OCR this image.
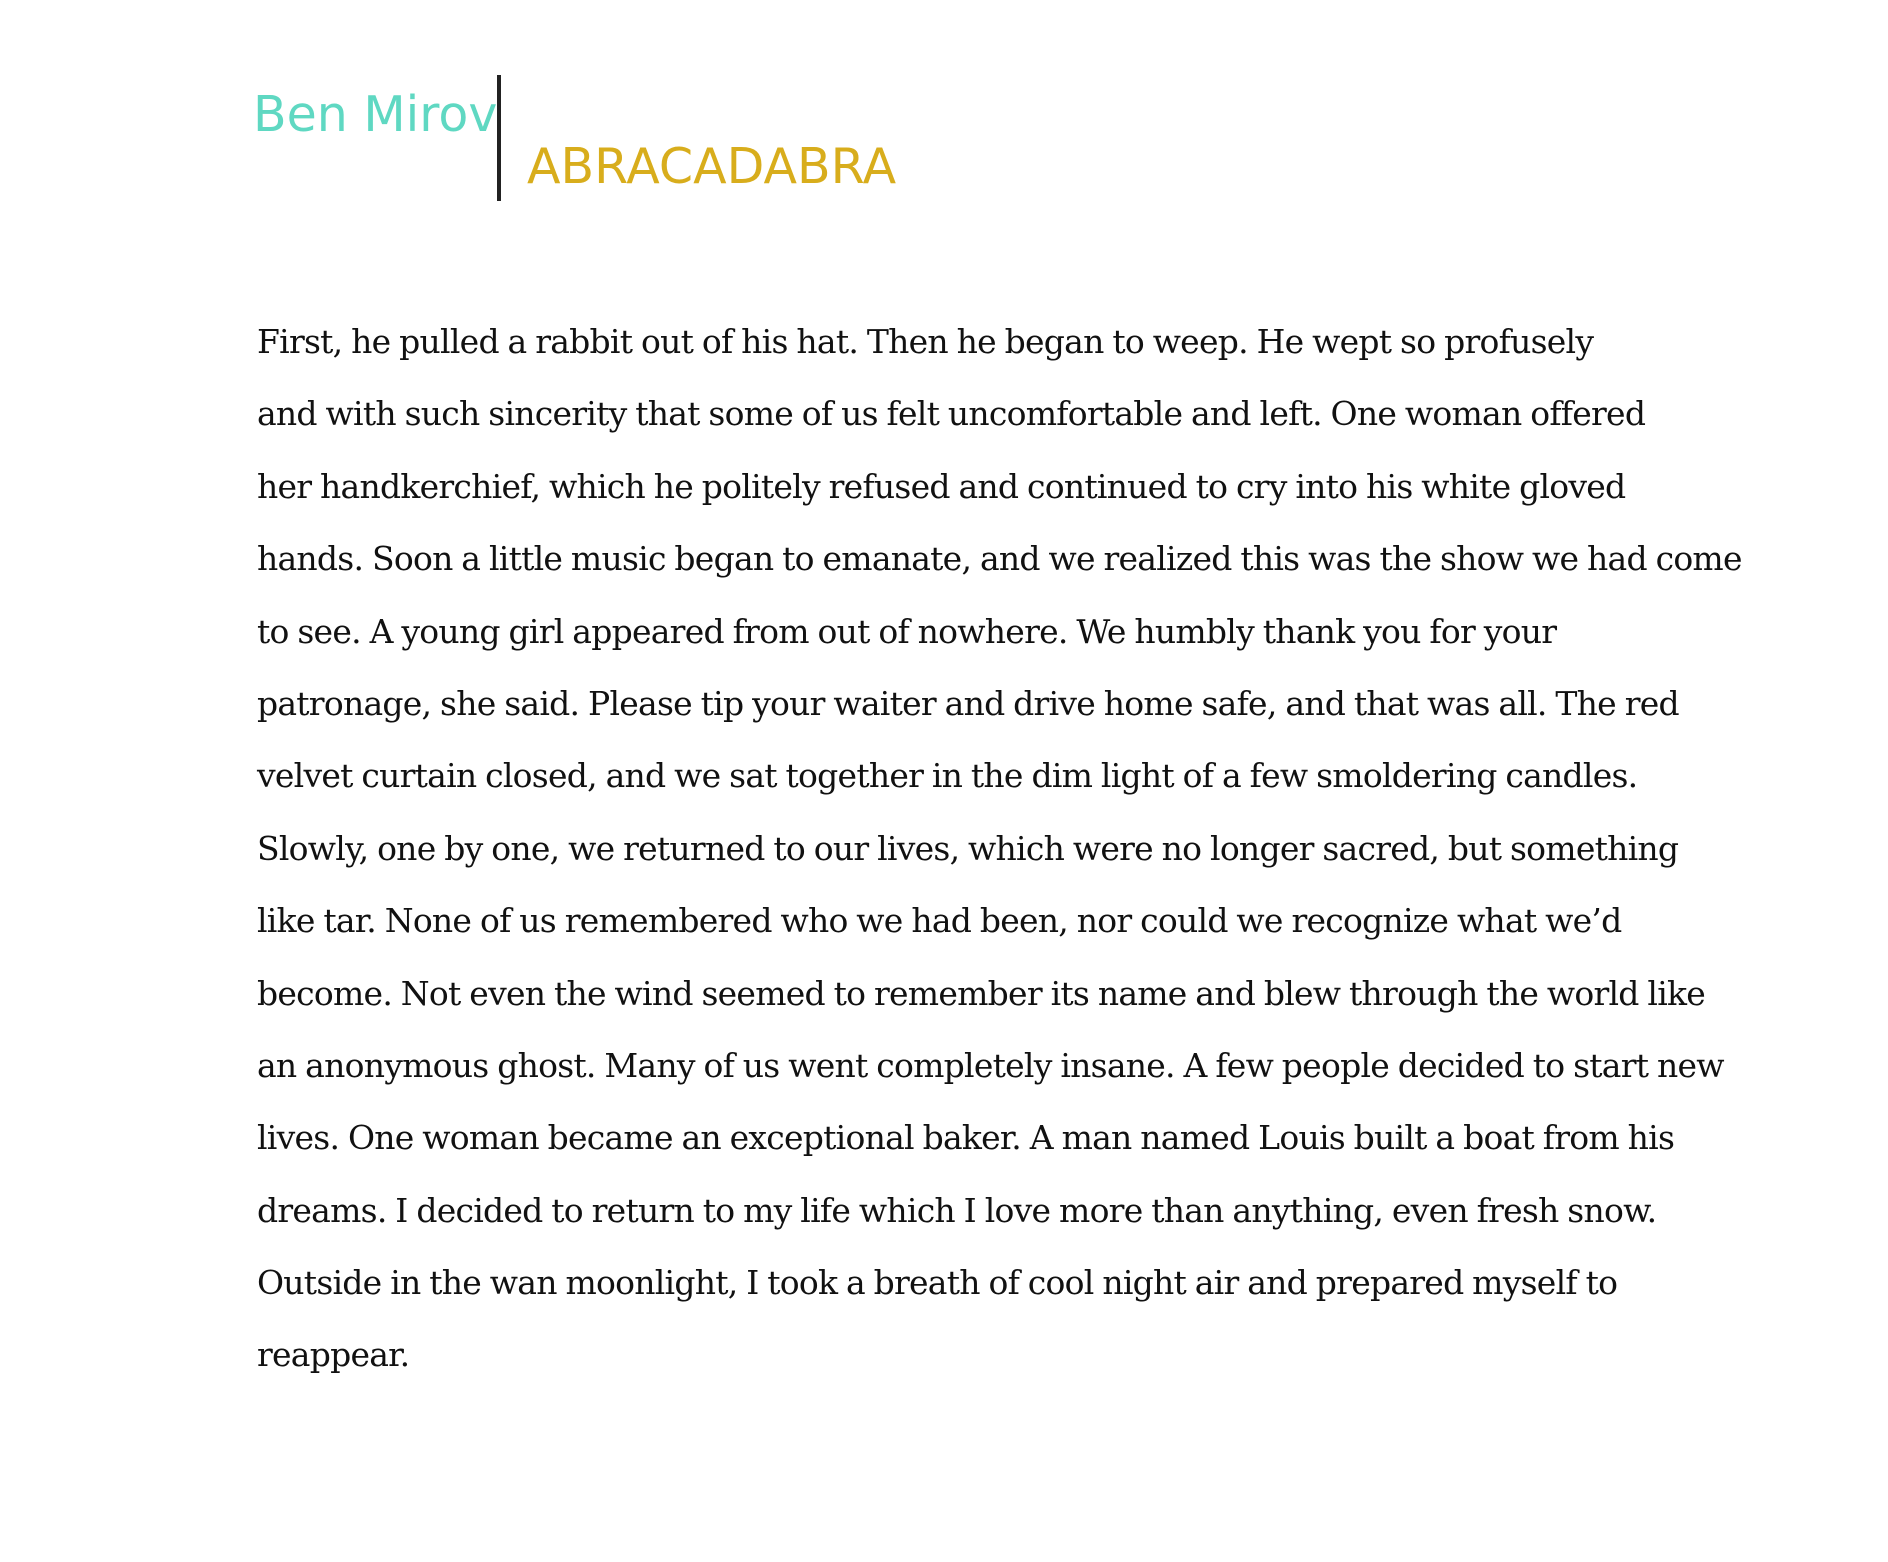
Ben Mirov
ABRACADABRA
First, he pulled a rabbit out of his hat. Then he began to weep. He wept so profusely
and with such sincerity that some of us felt uncomfortable and left. One woman offered
her handkerchief, which he politely refused and continued to cry into his white gloved
hands. Soon a little music began to emanate, and we realized this was the show we had come
to see. A young girl appeared from out of nowhere. We humbly thank you for your
patronage, she said. Please tip your waiter and drive home safe, and that was all. The red
velvet curtain closed, and we sat together in the dim light of a few smoldering candles.
Slowly, one by one, we returned to our lives, which were no longer sacred, but something
like tar. None of us remembered who we had been, nor could we recognize what we’d
become. Not even the wind seemed to remember its name and blew through the world like
an anonymous ghost. Many of us went completely insane. A few people decided to start new
lives. One woman became an exceptional baker. A man named Louis built a boat from his
dreams. I decided to return to my life which I love more than anything, even fresh snow.
Outside in the wan moonlight, I took a breath of cool night air and prepared myself to
reappear.
